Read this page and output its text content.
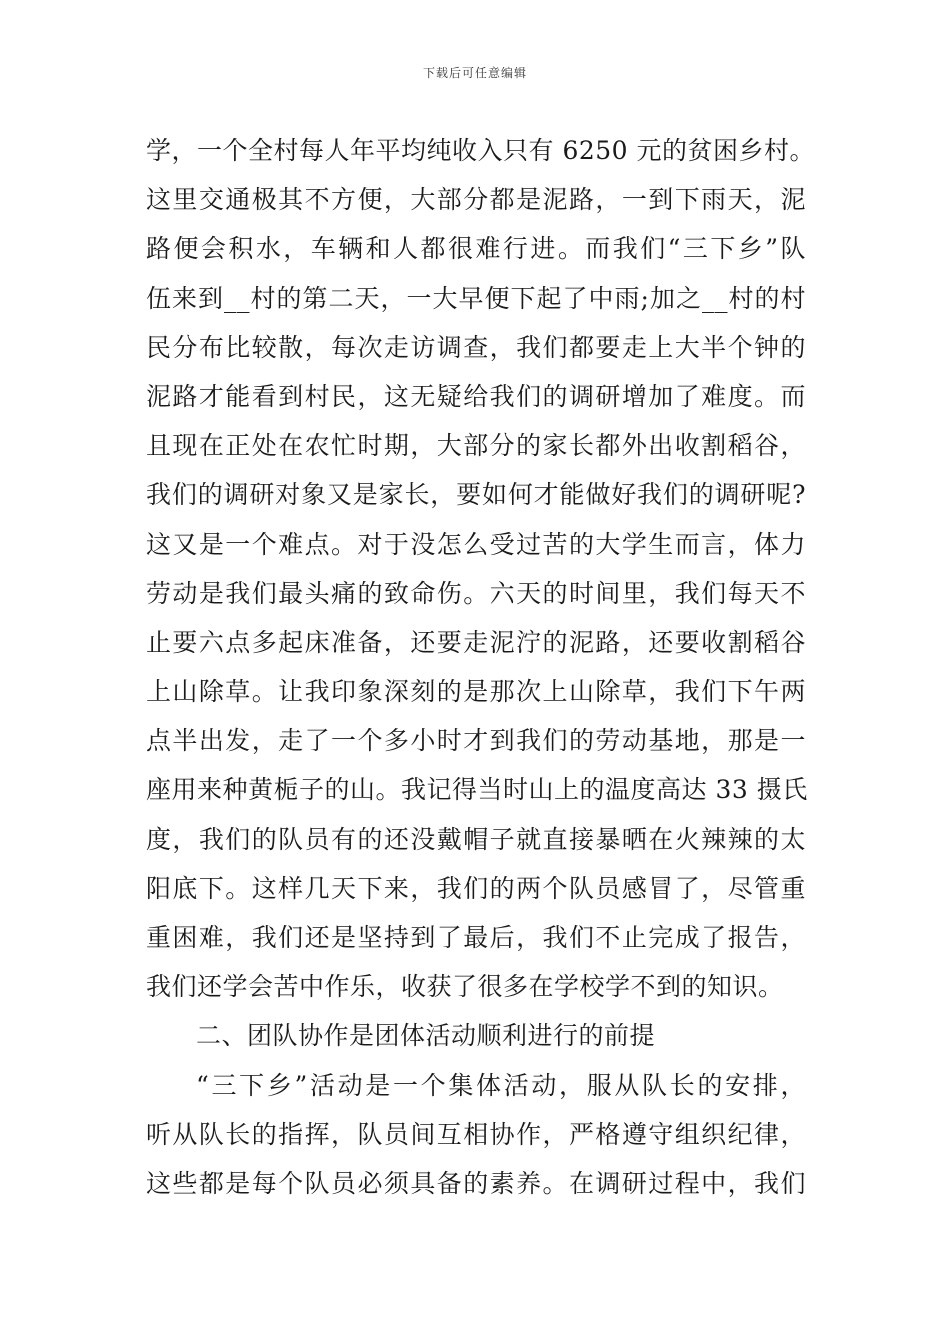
下载后可任意编辑
学，一个全村每人年平均纯收入只有 6250 元的贫困乡村。
这里交通极其不方便，大部分都是泥路，一到下雨天，泥
路便会积水，车辆和人都很难行进。而我们“三下乡”队
伍来到__村的第二天，一大早便下起了中雨;加之__村的村
民分布比较散，每次走访调查，我们都要走上大半个钟的
泥路才能看到村民，这无疑给我们的调研增加了难度。而
且现在正处在农忙时期，大部分的家长都外出收割稻谷，
我们的调研对象又是家长，要如何才能做好我们的调研呢?
这又是一个难点。对于没怎么受过苦的大学生而言，体力
劳动是我们最头痛的致命伤。六天的时间里，我们每天不
止要六点多起床准备，还要走泥泞的泥路，还要收割稻谷
上山除草。让我印象深刻的是那次上山除草，我们下午两
点半出发，走了一个多小时才到我们的劳动基地，那是一
座用来种黄栀子的山。我记得当时山上的温度高达 33 摄氏
度，我们的队员有的还没戴帽子就直接暴晒在火辣辣的太
阳底下。这样几天下来，我们的两个队员感冒了，尽管重
重困难，我们还是坚持到了最后，我们不止完成了报告，
我们还学会苦中作乐，收获了很多在学校学不到的知识。
二、团队协作是团体活动顺利进行的前提
“三下乡”活动是一个集体活动，服从队长的安排，
听从队长的指挥，队员间互相协作，严格遵守组织纪律，
这些都是每个队员必须具备的素养。在调研过程中，我们
